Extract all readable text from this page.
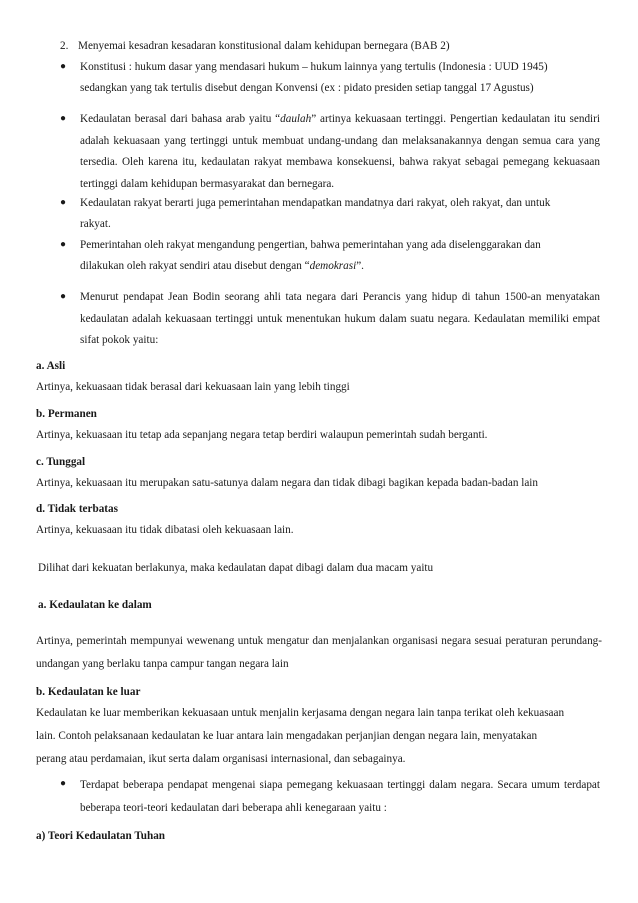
2. Menyemai kesadran kesadaran konstitusional dalam kehidupan bernegara (BAB 2)
● Konstitusi : hukum dasar yang mendasari hukum – hukum lainnya yang tertulis (Indonesia : UUD 1945)
sedangkan yang tak tertulis disebut dengan Konvensi (ex : pidato presiden setiap tanggal 17 Agustus)
● Kedaulatan berasal dari bahasa arab yaitu “daulah” artinya kekuasaan tertinggi. Pengertian kedaulatan itu sendiri adalah kekuasaan yang tertinggi untuk membuat undang-undang dan melaksanakannya dengan semua cara yang tersedia. Oleh karena itu, kedaulatan rakyat membawa konsekuensi, bahwa rakyat sebagai pemegang kekuasaan tertinggi dalam kehidupan bermasyarakat dan bernegara.
● Kedaulatan rakyat berarti juga pemerintahan mendapatkan mandatnya dari rakyat, oleh rakyat, dan untuk
rakyat.
● Pemerintahan oleh rakyat mengandung pengertian, bahwa pemerintahan yang ada diselenggarakan dan
dilakukan oleh rakyat sendiri atau disebut dengan “demokrasi”.
● Menurut pendapat Jean Bodin seorang ahli tata negara dari Perancis yang hidup di tahun 1500-an menyatakan kedaulatan adalah kekuasaan tertinggi untuk menentukan hukum dalam suatu negara. Kedaulatan memiliki empat sifat pokok yaitu:
a. Asli
Artinya, kekuasaan tidak berasal dari kekuasaan lain yang lebih tinggi
b. Permanen
Artinya, kekuasaan itu tetap ada sepanjang negara tetap berdiri walaupun pemerintah sudah berganti.
c. Tunggal
Artinya, kekuasaan itu merupakan satu-satunya dalam negara dan tidak dibagi bagikan kepada badan-badan lain
d. Tidak terbatas
Artinya, kekuasaan itu tidak dibatasi oleh kekuasaan lain.
Dilihat dari kekuatan berlakunya, maka kedaulatan dapat dibagi dalam dua macam yaitu
a. Kedaulatan ke dalam
Artinya, pemerintah mempunyai wewenang untuk mengatur dan menjalankan organisasi negara sesuai peraturan perundang-undangan yang berlaku tanpa campur tangan negara lain
b. Kedaulatan ke luar
Kedaulatan ke luar memberikan kekuasaan untuk menjalin kerjasama dengan negara lain tanpa terikat oleh kekuasaan
lain. Contoh pelaksanaan kedaulatan ke luar antara lain mengadakan perjanjian dengan negara lain, menyatakan
perang atau perdamaian, ikut serta dalam organisasi internasional, dan sebagainya.
● Terdapat beberapa pendapat mengenai siapa pemegang kekuasaan tertinggi dalam negara. Secara umum terdapat beberapa teori-teori kedaulatan dari beberapa ahli kenegaraan yaitu :
a) Teori Kedaulatan Tuhan
